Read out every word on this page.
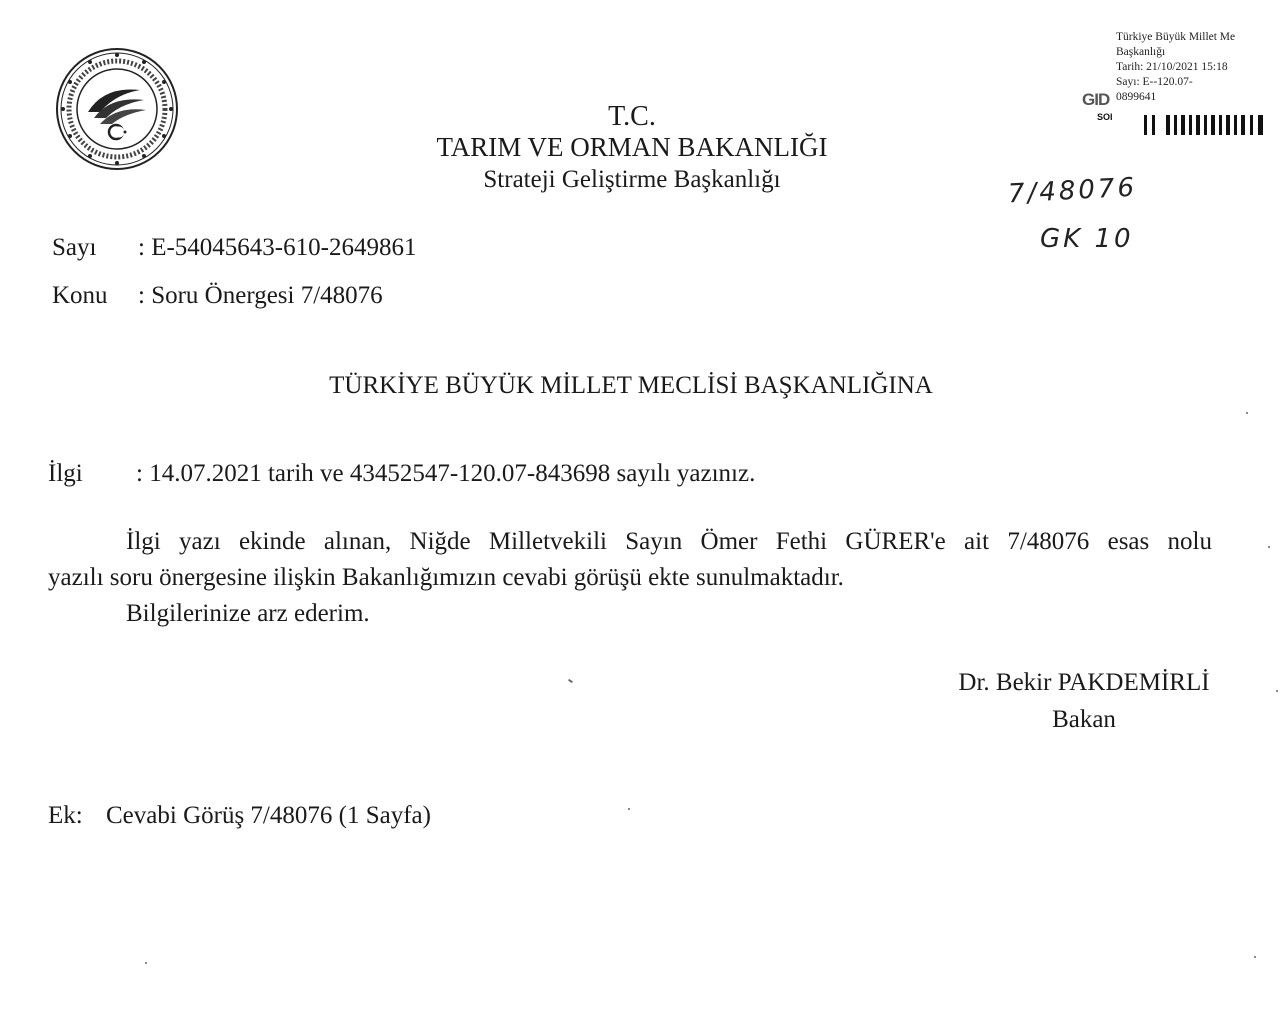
T.C.
TARIM VE ORMAN BAKANLIĞI
Strateji Geliştirme Başkanlığı
Türkiye Büyük Millet Me
Başkanlığı
Tarih: 21/10/2021 15:18
Sayı: E--120.07-
0899641
GID
SOI
7/48076
GK 10
Sayı : E-54045643-610-2649861
Konu : Soru Önergesi 7/48076
TÜRKİYE BÜYÜK MİLLET MECLİSİ BAŞKANLIĞINA
İlgi : 14.07.2021 tarih ve 43452547-120.07-843698 sayılı yazınız.
İlgi yazı ekinde alınan, Niğde Milletvekili Sayın Ömer Fethi GÜRER'e ait 7/48076 esas nolu
yazılı soru önergesine ilişkin Bakanlığımızın cevabi görüşü ekte sunulmaktadır.
Bilgilerinize arz ederim.
Dr. Bekir PAKDEMİRLİ
Bakan
Ek: Cevabi Görüş 7/48076 (1 Sayfa)
